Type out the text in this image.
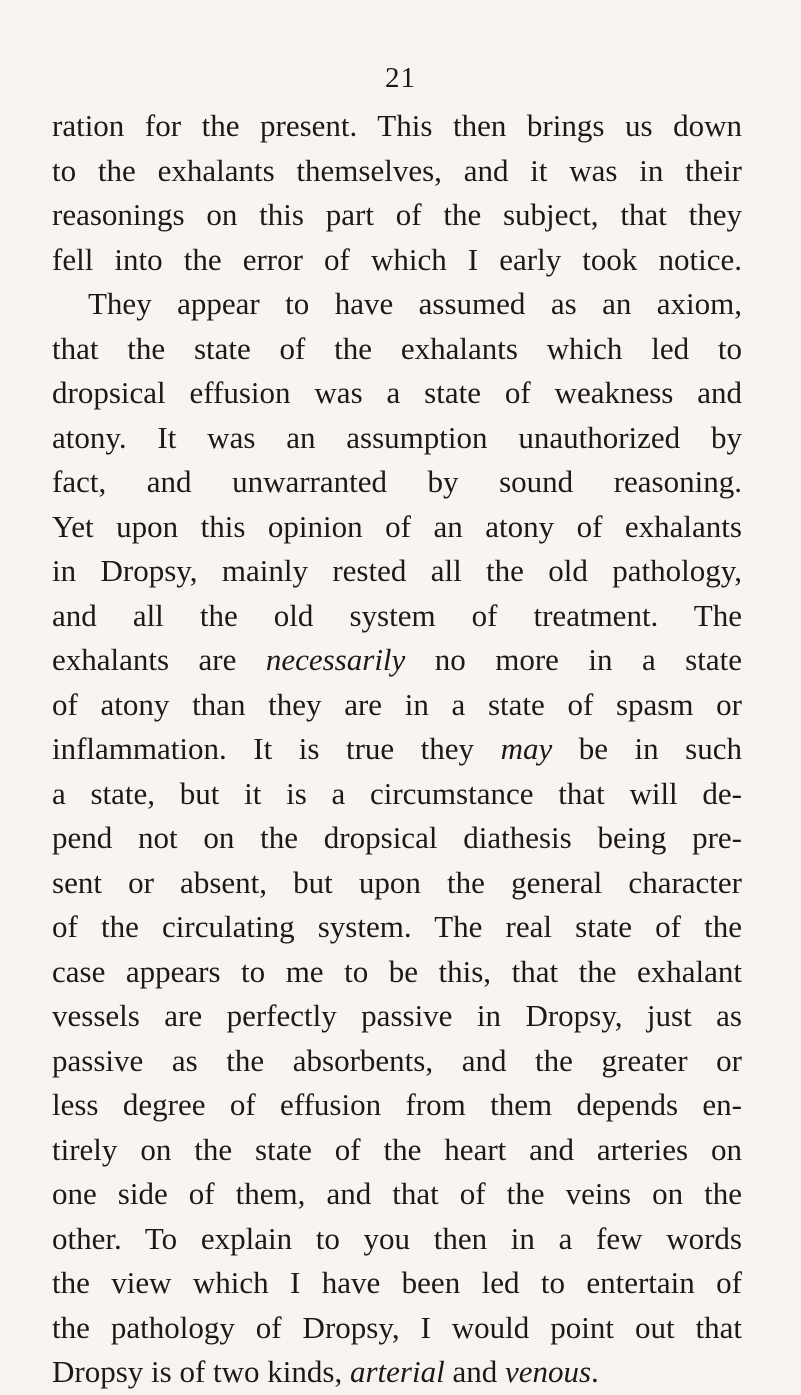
21
ration for the present. This then brings us down
to the exhalants themselves, and it was in their
reasonings on this part of the subject, that they
fell into the error of which I early took notice.
They appear to have assumed as an axiom,
that the state of the exhalants which led to
dropsical effusion was a state of weakness and
atony. It was an assumption unauthorized by
fact, and unwarranted by sound reasoning.
Yet upon this opinion of an atony of exhalants
in Dropsy, mainly rested all the old pathology,
and all the old system of treatment. The
exhalants are necessarily no more in a state
of atony than they are in a state of spasm or
inflammation. It is true they may be in such
a state, but it is a circumstance that will de-
pend not on the dropsical diathesis being pre-
sent or absent, but upon the general character
of the circulating system. The real state of the
case appears to me to be this, that the exhalant
vessels are perfectly passive in Dropsy, just as
passive as the absorbents, and the greater or
less degree of effusion from them depends en-
tirely on the state of the heart and arteries on
one side of them, and that of the veins on the
other. To explain to you then in a few words
the view which I have been led to entertain of
the pathology of Dropsy, I would point out that
Dropsy is of two kinds, arterial and venous.
